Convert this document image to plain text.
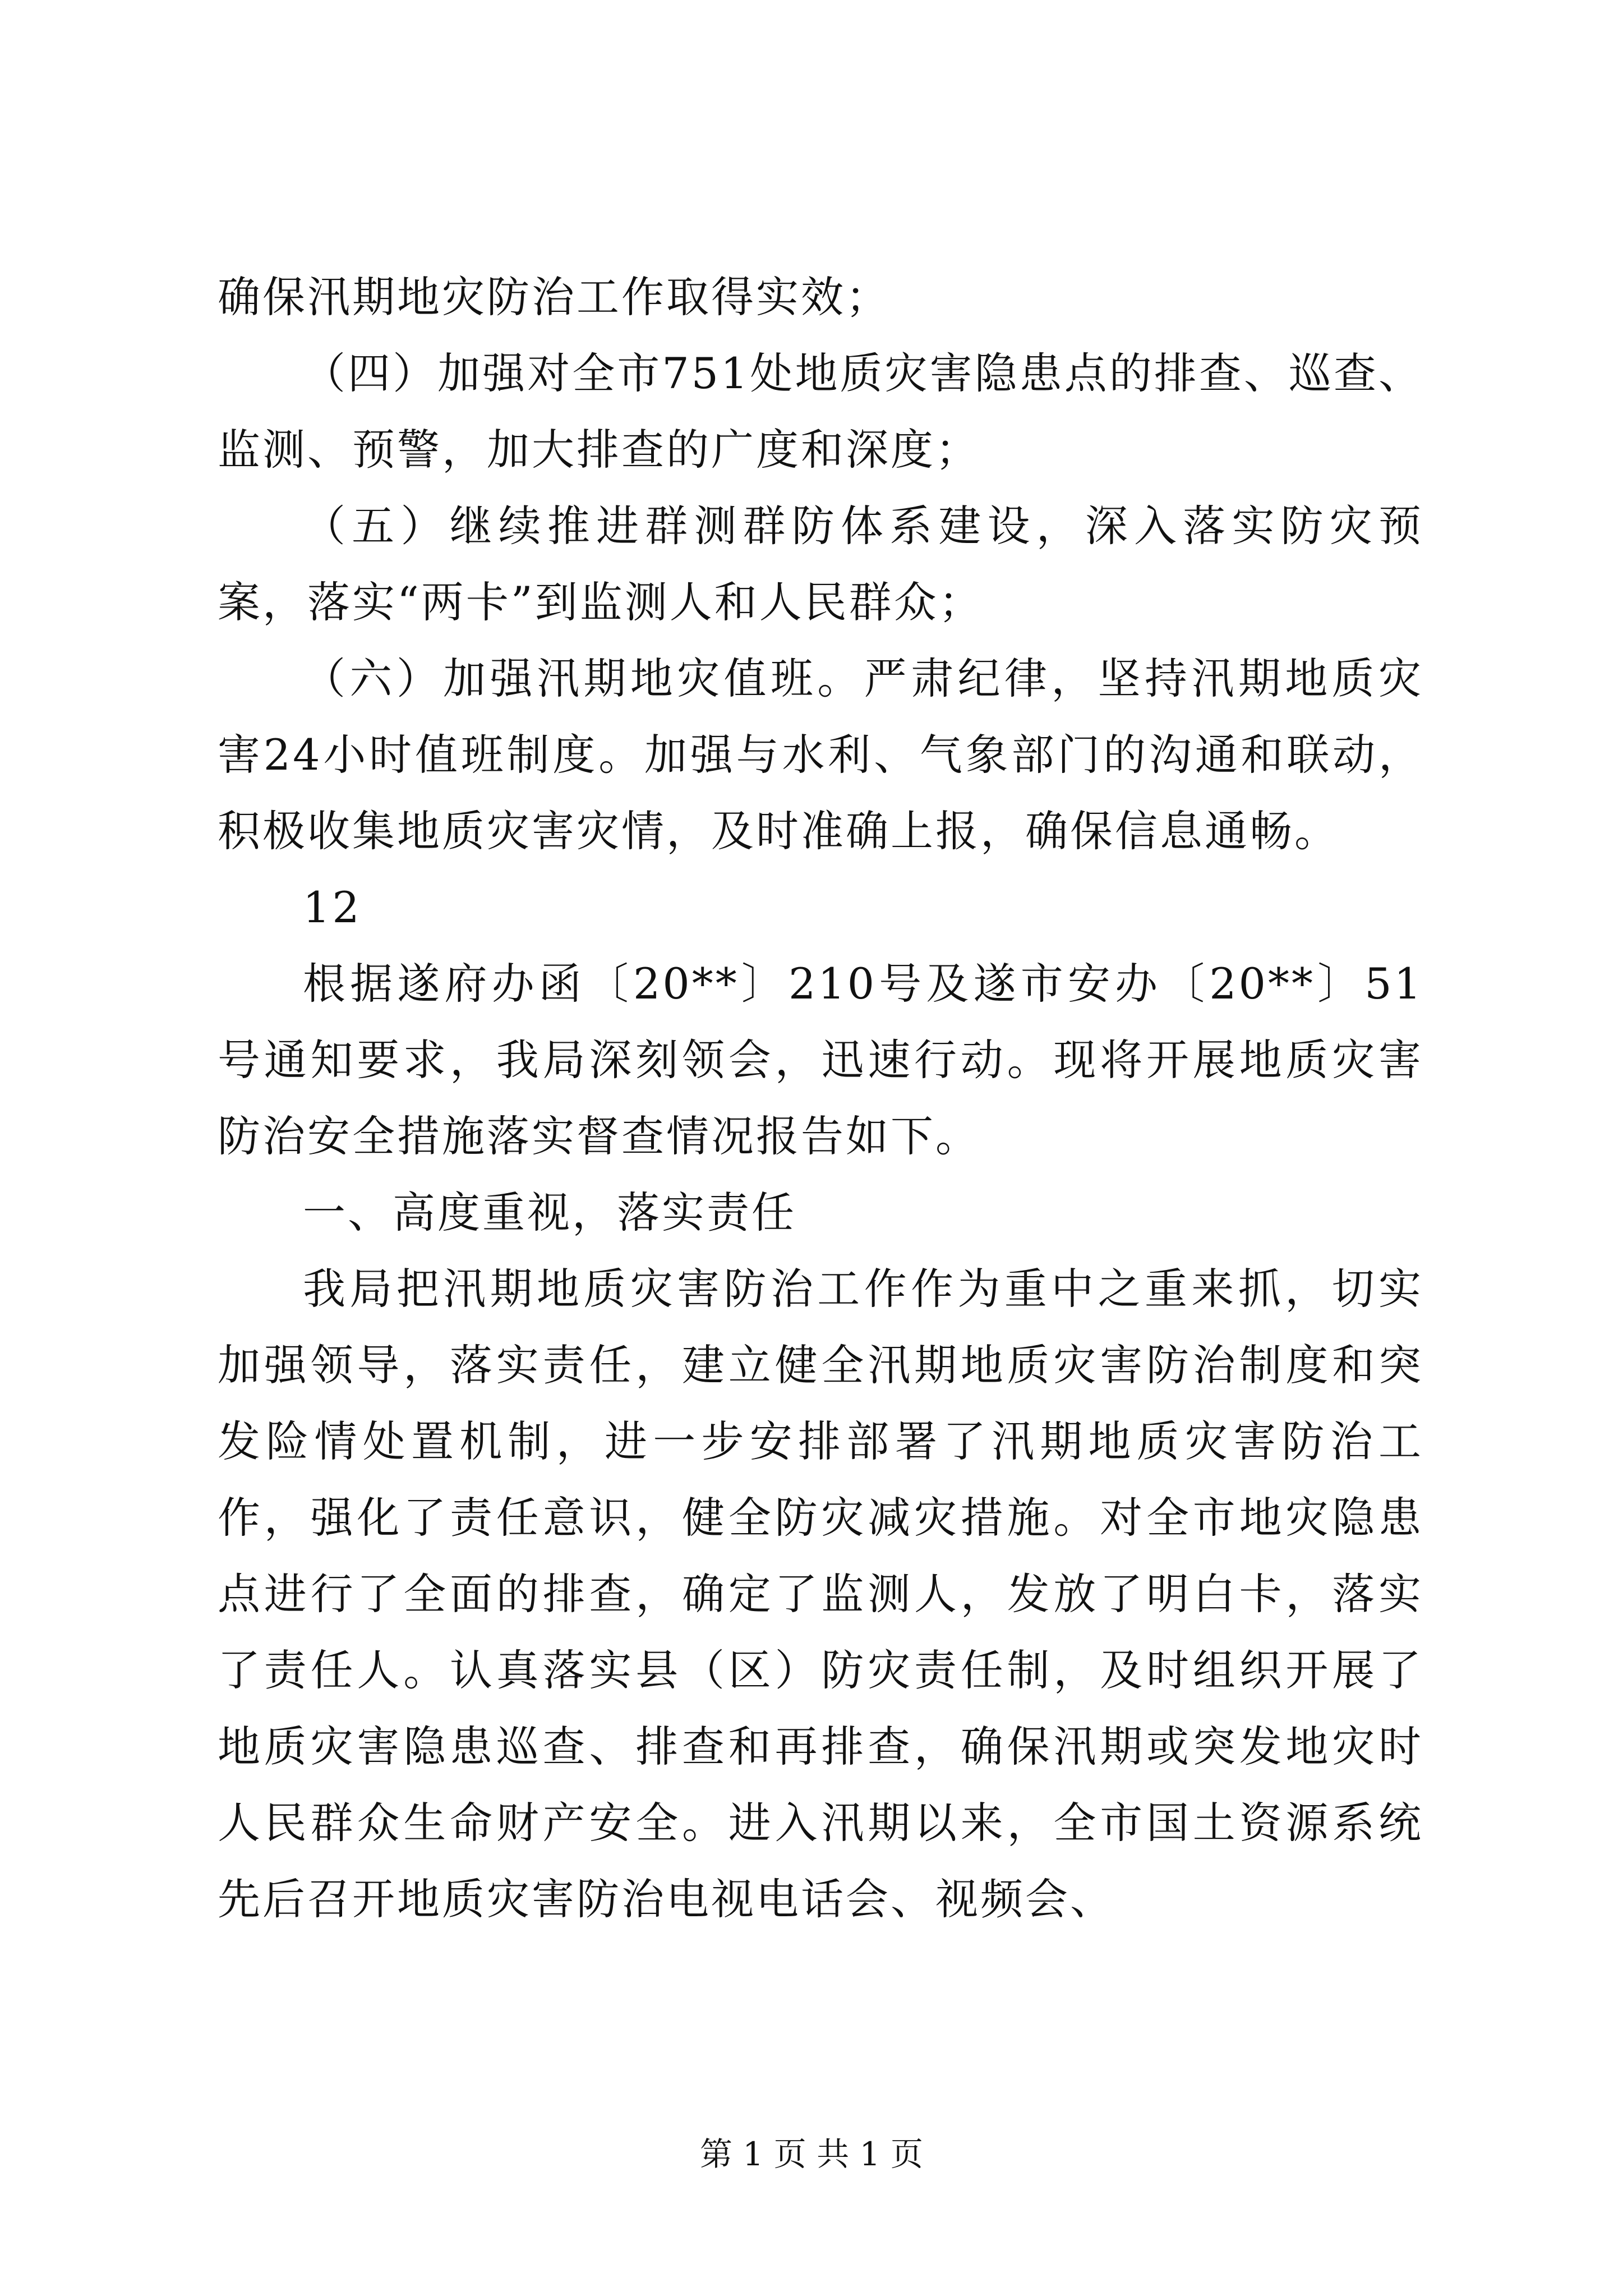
确保汛期地灾防治工作取得实效；

（四）加强对全市751处地质灾害隐患点的排查、巡查、监测、预警，加大排查的广度和深度；

（五）继续推进群测群防体系建设，深入落实防灾预案，落实“两卡”到监测人和人民群众；

（六）加强汛期地灾值班。严肃纪律，坚持汛期地质灾害24小时值班制度。加强与水利、气象部门的沟通和联动，积极收集地质灾害灾情，及时准确上报，确保信息通畅。

12

根据遂府办函〔20**〕210号及遂市安办〔20**〕51号通知要求，我局深刻领会，迅速行动。现将开展地质灾害防治安全措施落实督查情况报告如下。

一、高度重视，落实责任

我局把汛期地质灾害防治工作作为重中之重来抓，切实加强领导，落实责任，建立健全汛期地质灾害防治制度和突发险情处置机制，进一步安排部署了汛期地质灾害防治工作，强化了责任意识，健全防灾减灾措施。对全市地灾隐患点进行了全面的排查，确定了监测人，发放了明白卡，落实了责任人。认真落实县（区）防灾责任制，及时组织开展了地质灾害隐患巡查、排查和再排查，确保汛期或突发地灾时人民群众生命财产安全。进入汛期以来，全市国土资源系统先后召开地质灾害防治电视电话会、视频会、

第 1 页 共 1 页
